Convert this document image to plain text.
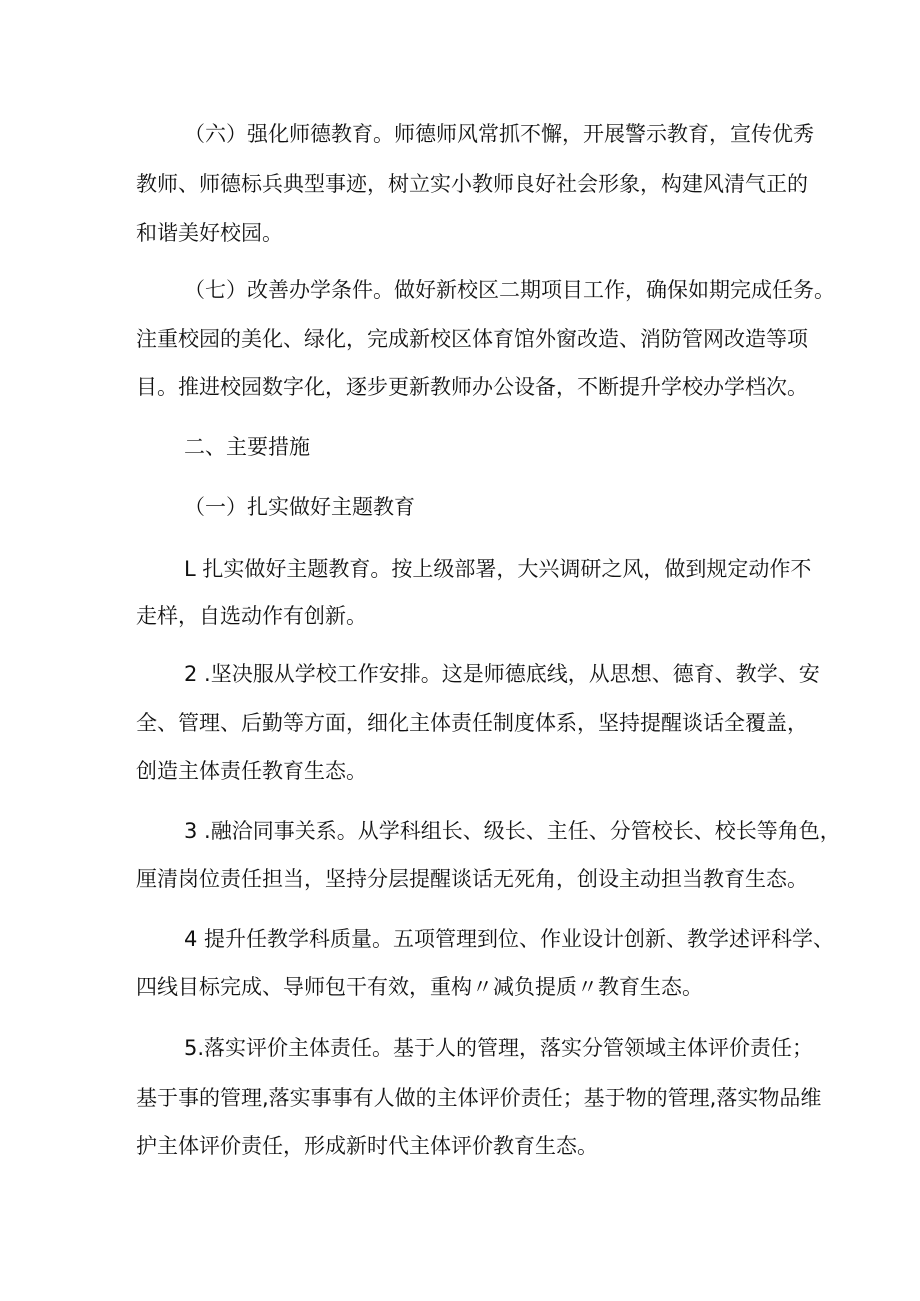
（六）强化师德教育。师德师风常抓不懈，开展警示教育，宣传优秀
教师、师德标兵典型事迹，树立实小教师良好社会形象，构建风清气正的
和谐美好校园。
（七）改善办学条件。做好新校区二期项目工作，确保如期完成任务。
注重校园的美化、绿化，完成新校区体育馆外窗改造、消防管网改造等项
目。推进校园数字化，逐步更新教师办公设备，不断提升学校办学档次。
二、主要措施
（一）扎实做好主题教育
L 扎实做好主题教育。按上级部署，大兴调研之风，做到规定动作不
走样，自选动作有创新。
2 .坚决服从学校工作安排。这是师德底线，从思想、德育、教学、安
全、管理、后勤等方面，细化主体责任制度体系，坚持提醒谈话全覆盖，
创造主体责任教育生态。
3 .融洽同事关系。从学科组长、级长、主任、分管校长、校长等角色，
厘清岗位责任担当，坚持分层提醒谈话无死角，创设主动担当教育生态。
4 提升任教学科质量。五项管理到位、作业设计创新、教学述评科学、
四线目标完成、导师包干有效，重构〃减负提质〃教育生态。
5.落实评价主体责任。基于人的管理，落实分管领域主体评价责任；
基于事的管理,落实事事有人做的主体评价责任；基于物的管理,落实物品维
护主体评价责任，形成新时代主体评价教育生态。
